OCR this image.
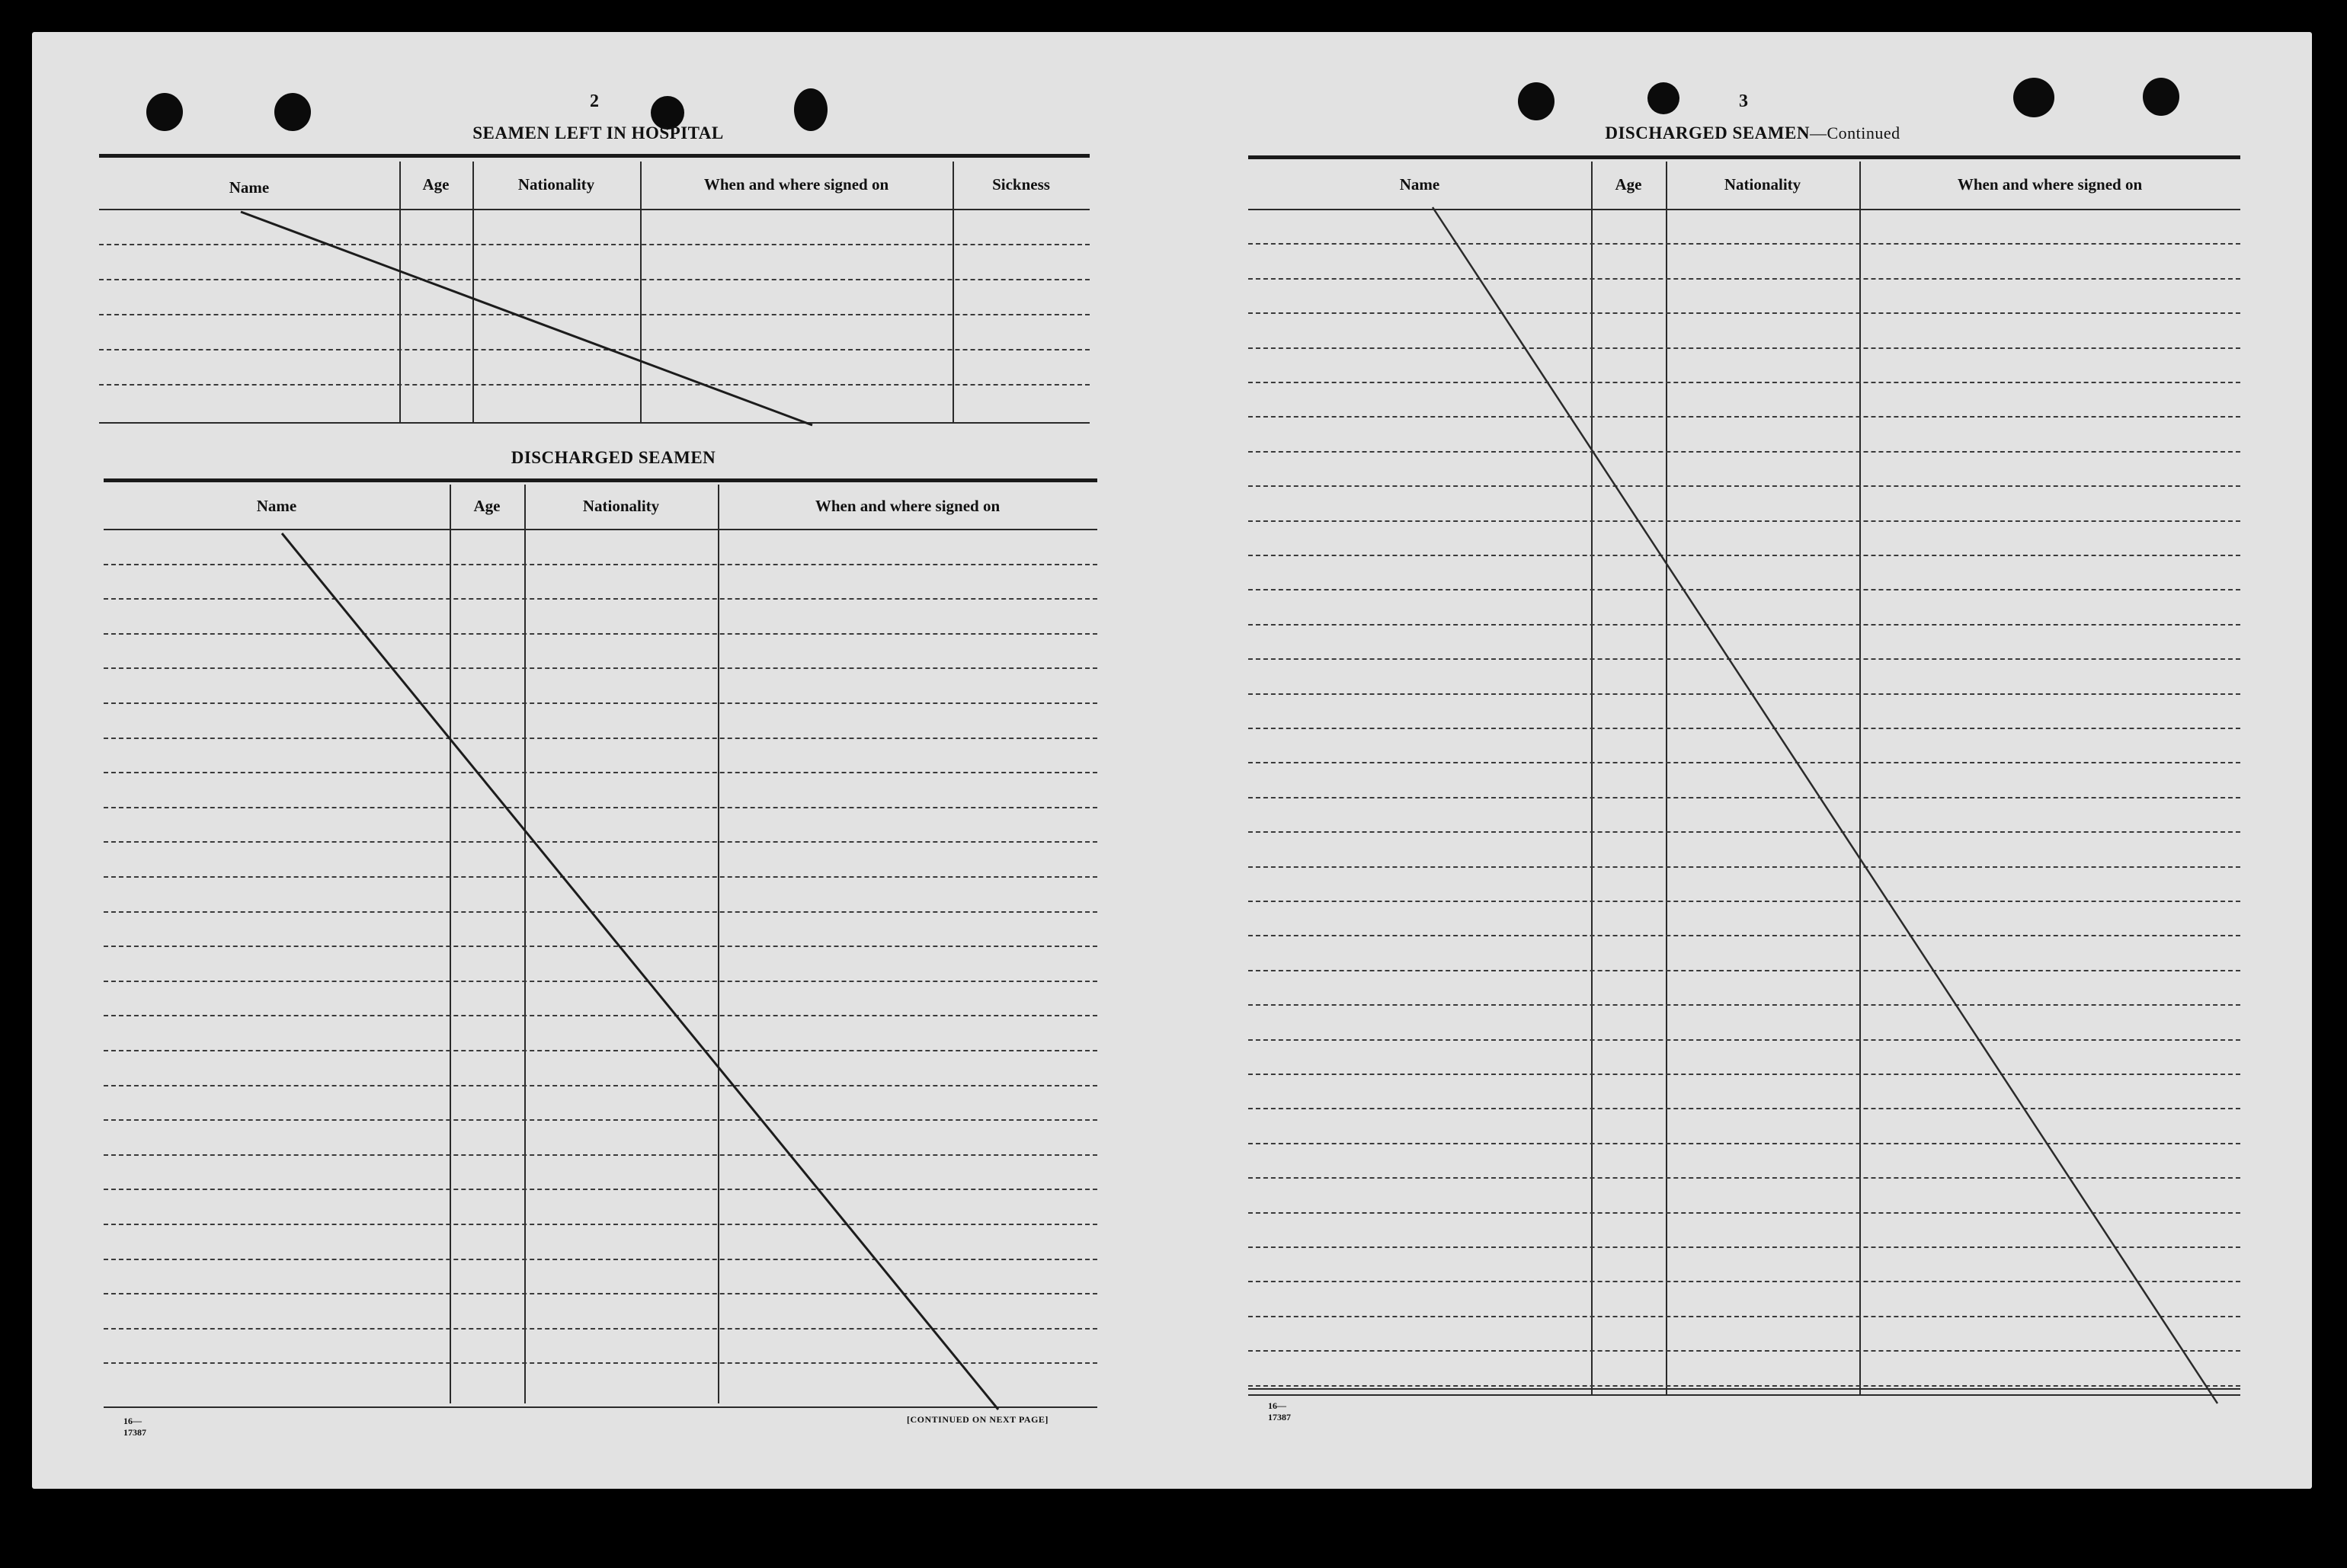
2
SEAMEN LEFT IN HOSPITAL
Name	Age	Nationality	When and where signed on	Sickness
DISCHARGED SEAMEN
Name	Age	Nationality	When and where signed on
16—17387
[CONTINUED ON NEXT PAGE]
3
DISCHARGED SEAMEN—Continued
Name	Age	Nationality	When and where signed on
16—17387
